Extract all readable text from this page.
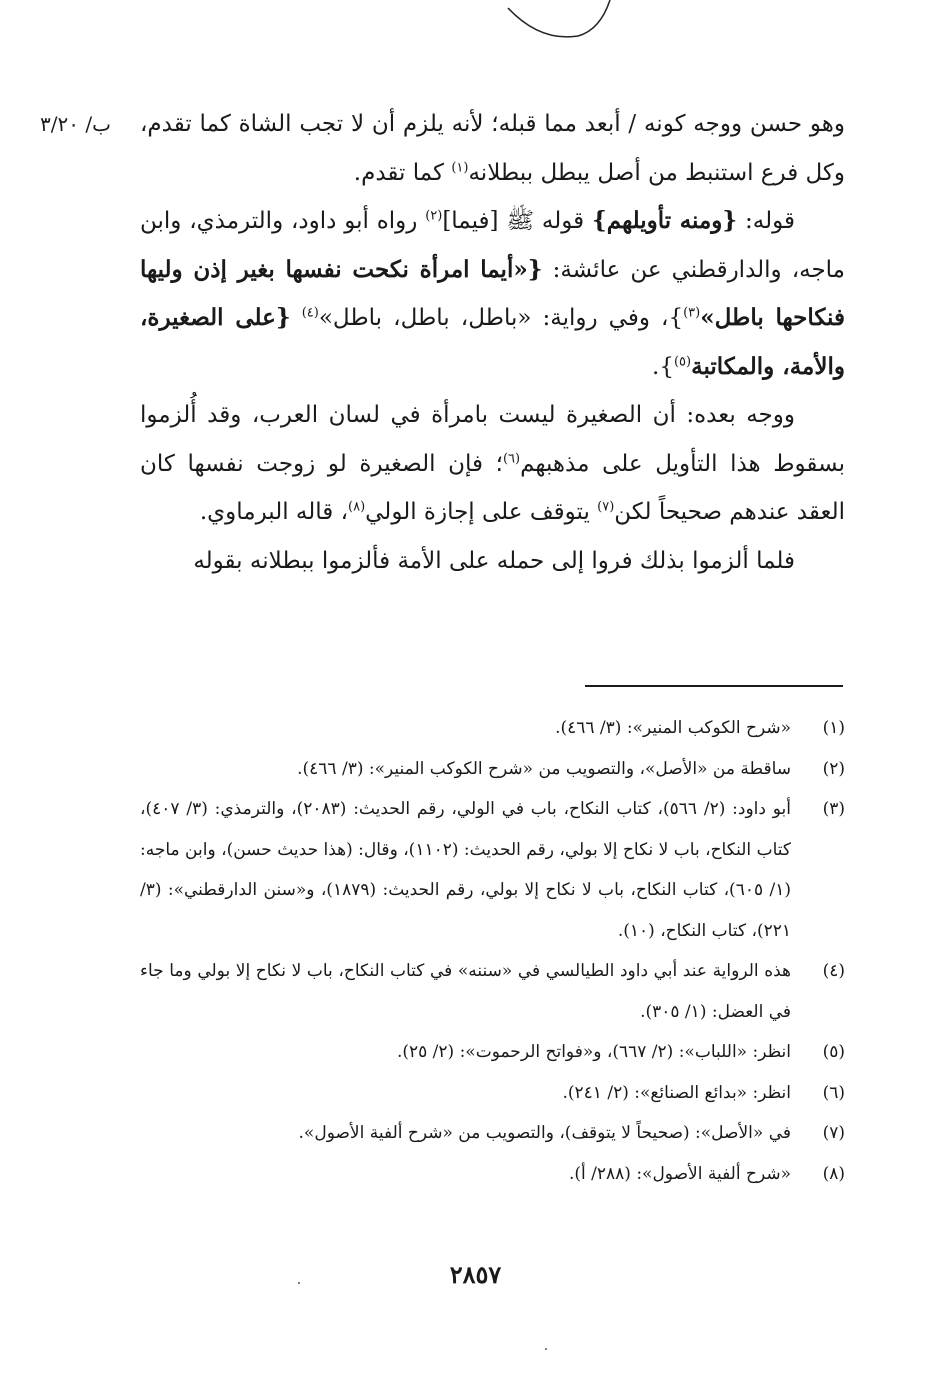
ب/ ٣/٢٠	وهو حسن ووجه كونه / أبعد مما قبله؛ لأنه يلزم أن لا تجب الشاة كما تقدم، وكل فرع استنبط من أصل يبطل ببطلانه$^{(١)}$ كما تقدم.

قوله: {ومنه تأويلهم} قوله ﷺ [فيما]$^{(٢)}$ رواه أبو داود، والترمذي، وابن ماجه، والدارقطني عن عائشة: {«أيما امرأة نكحت نفسها بغير إذن وليها فنكاحها باطل»$^{(٣)}$}، وفي رواية: «باطل، باطل، باطل»$^{(٤)}$ {على الصغيرة، والأمة، والمكاتبة$^{(٥)}$}.

ووجه بعده: أن الصغيرة ليست بامرأة في لسان العرب، وقد أُلزموا بسقوط هذا التأويل على مذهبهم$^{(٦)}$؛ فإن الصغيرة لو زوجت نفسها كان العقد عندهم صحيحاً لكن$^{(٧)}$ يتوقف على إجازة الولي$^{(٨)}$، قاله البرماوي.

فلما ألزموا بذلك فروا إلى حمله على الأمة فألزموا ببطلانه بقوله

(١)
«شرح الكوكب المنير»: (٣/ ٤٦٦).
(٢)
ساقطة من «الأصل»، والتصويب من «شرح الكوكب المنير»: (٣/ ٤٦٦).
(٣)
أبو داود: (٢/ ٥٦٦)، كتاب النكاح، باب في الولي، رقم الحديث: (٢٠٨٣)، والترمذي: (٣/ ٤٠٧)، كتاب النكاح، باب لا نكاح إلا بولي، رقم الحديث: (١١٠٢)، وقال: (هذا حديث حسن)، وابن ماجه: (١/ ٦٠٥)، كتاب النكاح، باب لا نكاح إلا بولي، رقم الحديث: (١٨٧٩)، و«سنن الدارقطني»: (٣/ ٢٢١)، كتاب النكاح، (١٠).
(٤)
هذه الرواية عند أبي داود الطيالسي في «سننه» في كتاب النكاح، باب لا نكاح إلا بولي وما جاء في العضل: (١/ ٣٠٥).
(٥)
انظر: «اللباب»: (٢/ ٦٦٧)، و«فواتح الرحموت»: (٢/ ٢٥).
(٦)
انظر: «بدائع الصنائع»: (٢/ ٢٤١).
(٧)
في «الأصل»: (صحيحاً لا يتوقف)، والتصويب من «شرح ألفية الأصول».
(٨)
«شرح ألفية الأصول»: (٢٨٨/ أ).
٢٨٥٧
